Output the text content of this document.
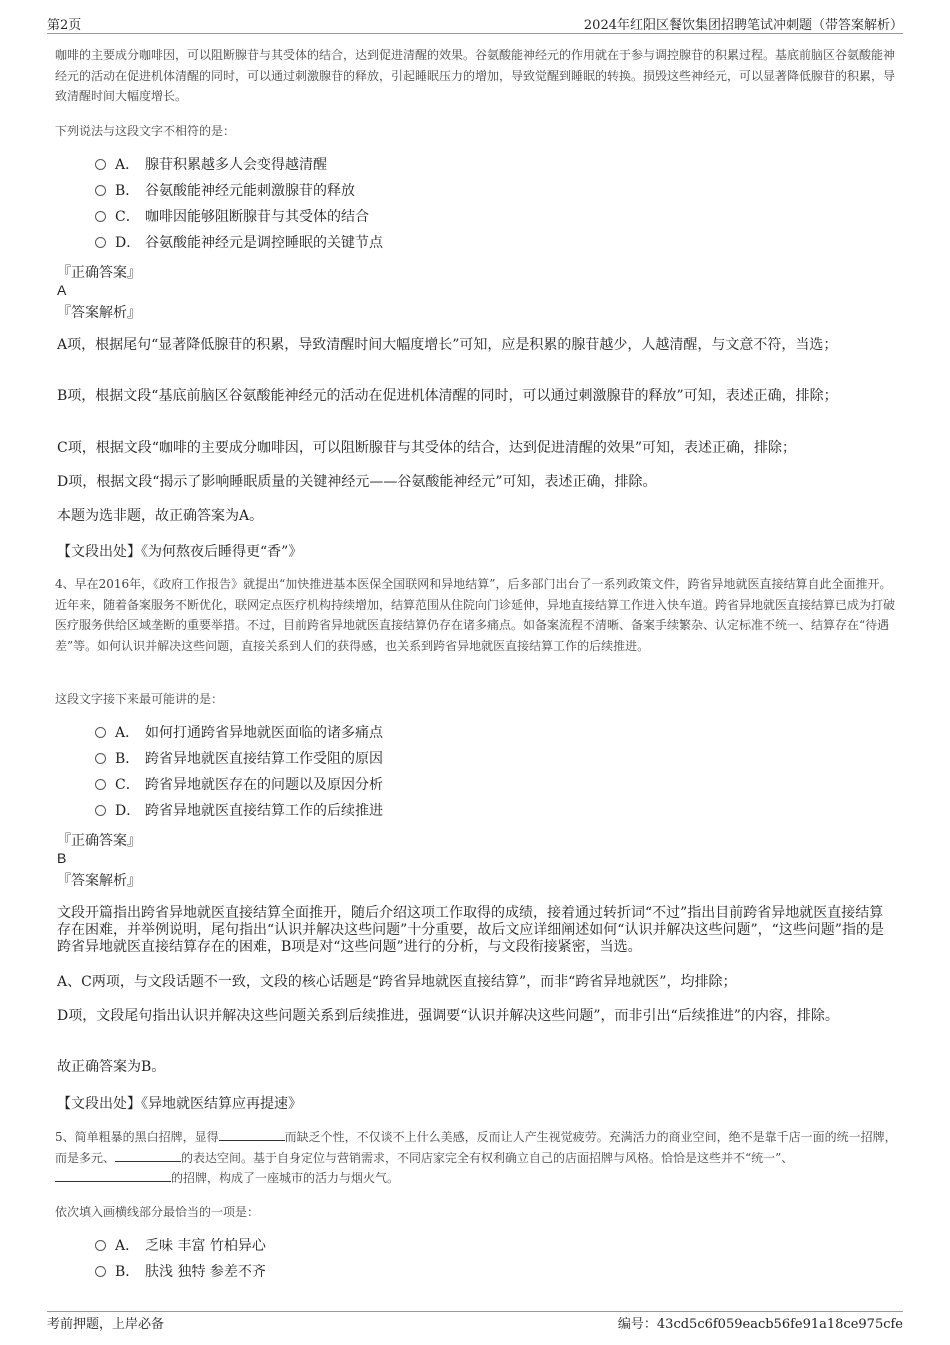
第2页	2024年红阳区餐饮集团招聘笔试冲刺题（带答案解析）
咖啡的主要成分咖啡因，可以阻断腺苷与其受体的结合，达到促进清醒的效果。谷氨酸能神经元的作用就在于参与调控腺苷的积累过程。基底前脑区谷氨酸能神经元的活动在促进机体清醒的同时，可以通过刺激腺苷的释放，引起睡眠压力的增加，导致觉醒到睡眠的转换。损毁这些神经元，可以显著降低腺苷的积累，导致清醒时间大幅度增长。
下列说法与这段文字不相符的是：
A． 腺苷积累越多人会变得越清醒
B． 谷氨酸能神经元能刺激腺苷的释放
C． 咖啡因能够阻断腺苷与其受体的结合
D． 谷氨酸能神经元是调控睡眠的关键节点
『正确答案』
A
『答案解析』
A项，根据尾句“显著降低腺苷的积累，导致清醒时间大幅度增长”可知，应是积累的腺苷越少，人越清醒，与文意不符，当选；
B项，根据文段“基底前脑区谷氨酸能神经元的活动在促进机体清醒的同时，可以通过刺激腺苷的释放”可知，表述正确，排除；
C项，根据文段“咖啡的主要成分咖啡因，可以阻断腺苷与其受体的结合，达到促进清醒的效果”可知，表述正确，排除；
D项，根据文段“揭示了影响睡眠质量的关键神经元——谷氨酸能神经元”可知，表述正确，排除。
本题为选非题，故正确答案为A。
【文段出处】《为何熬夜后睡得更“香”》
4、早在2016年，《政府工作报告》就提出“加快推进基本医保全国联网和异地结算”，后多部门出台了一系列政策文件，跨省异地就医直接结算自此全面推开。近年来，随着备案服务不断优化，联网定点医疗机构持续增加，结算范围从住院向门诊延伸，异地直接结算工作进入快车道。跨省异地就医直接结算已成为打破医疗服务供给区域垄断的重要举措。不过，目前跨省异地就医直接结算仍存在诸多痛点。如备案流程不清晰、备案手续繁杂、认定标准不统一、结算存在“待遇差”等。如何认识并解决这些问题，直接关系到人们的获得感，也关系到跨省异地就医直接结算工作的后续推进。
这段文字接下来最可能讲的是：
A． 如何打通跨省异地就医面临的诸多痛点
B． 跨省异地就医直接结算工作受阻的原因
C． 跨省异地就医存在的问题以及原因分析
D． 跨省异地就医直接结算工作的后续推进
『正确答案』
B
『答案解析』
文段开篇指出跨省异地就医直接结算全面推开，随后介绍这项工作取得的成绩，接着通过转折词“不过”指出目前跨省异地就医直接结算存在困难，并举例说明，尾句指出“认识并解决这些问题”十分重要，故后文应详细阐述如何“认识并解决这些问题”，“这些问题”指的是跨省异地就医直接结算存在的困难，B项是对“这些问题”进行的分析，与文段衔接紧密，当选。
A、C两项，与文段话题不一致，文段的核心话题是“跨省异地就医直接结算”，而非“跨省异地就医”，均排除；
D项，文段尾句指出认识并解决这些问题关系到后续推进，强调要“认识并解决这些问题”，而非引出“后续推进”的内容，排除。
故正确答案为B。
【文段出处】《异地就医结算应再提速》
5、简单粗暴的黑白招牌，显得	而缺乏个性，不仅谈不上什么美感，反而让人产生视觉疲劳。充满活力的商业空间，绝不是靠千店一面的统一招牌，而是多元、	的表达空间。基于自身定位与营销需求，不同店家完全有权利确立自己的店面招牌与风格。恰恰是这些并不“统一”、的招牌，构成了一座城市的活力与烟火气。
依次填入画横线部分最恰当的一项是：
A． 乏味 丰富 竹柏异心
B． 肤浅 独特 参差不齐
考前押题，上岸必备	编号：43cd5c6f059eacb56fe91a18ce975cfe
